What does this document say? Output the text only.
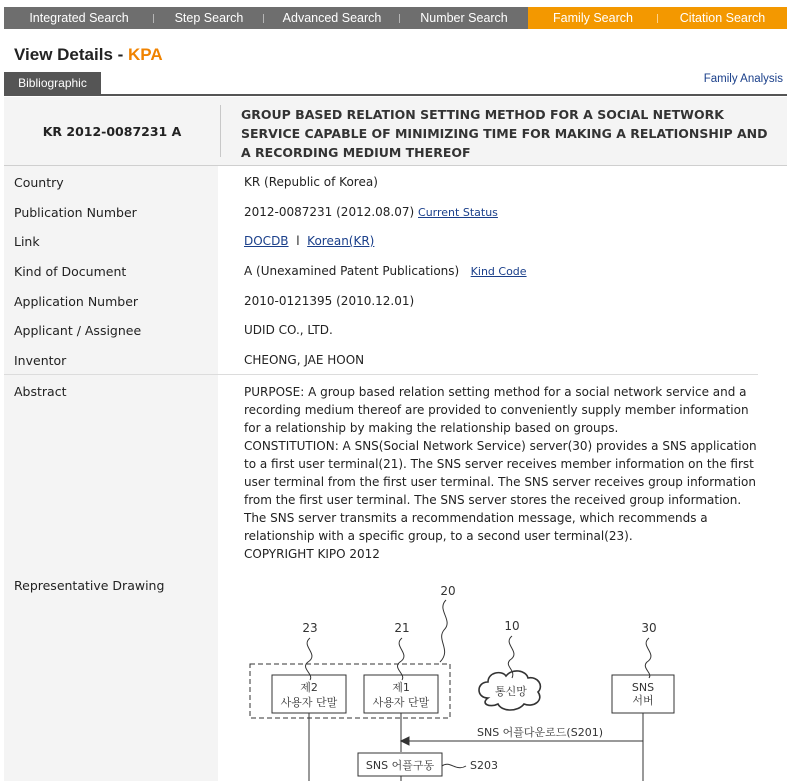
Integrated Search	Step Search	Advanced Search	Number Search	Family Search	Citation Search
View Details - KPA
Bibliographic	Family Analysis
KR 2012-0087231 A
GROUP BASED RELATION SETTING METHOD FOR A SOCIAL NETWORK SERVICE CAPABLE OF MINIMIZING TIME FOR MAKING A RELATIONSHIP AND A RECORDING MEDIUM THEREOF
Country	KR (Republic of Korea)
Publication Number	2012-0087231 (2012.08.07) Current Status
Link	DOCDB l Korean(KR)
Kind of Document	A (Unexamined Patent Publications) Kind Code
Application Number	2010-0121395 (2010.12.01)
Applicant / Assignee	UDID CO., LTD.
Inventor	CHEONG, JAE HOON
Abstract	PURPOSE: A group based relation setting method for a social network service and a recording medium thereof are provided to conveniently supply member information for a relationship by making the relationship based on groups.

CONSTITUTION: A SNS(Social Network Service) server(30) provides a SNS application to a first user terminal(21). The SNS server receives member information on the first user terminal from the first user terminal. The SNS server receives group information from the first user terminal. The SNS server stores the received group information. The SNS server transmits a recommendation message, which recommends a relationship with a specific group, to a second user terminal(23).

COPYRIGHT KIPO 2012

Representative Drawing	20
23	21	10	30
제2
사용자 단말
제1
사용자 단말
통신망	SNS
서버
SNS 어플다운로드(S201)
SNS 어플구동	S203
